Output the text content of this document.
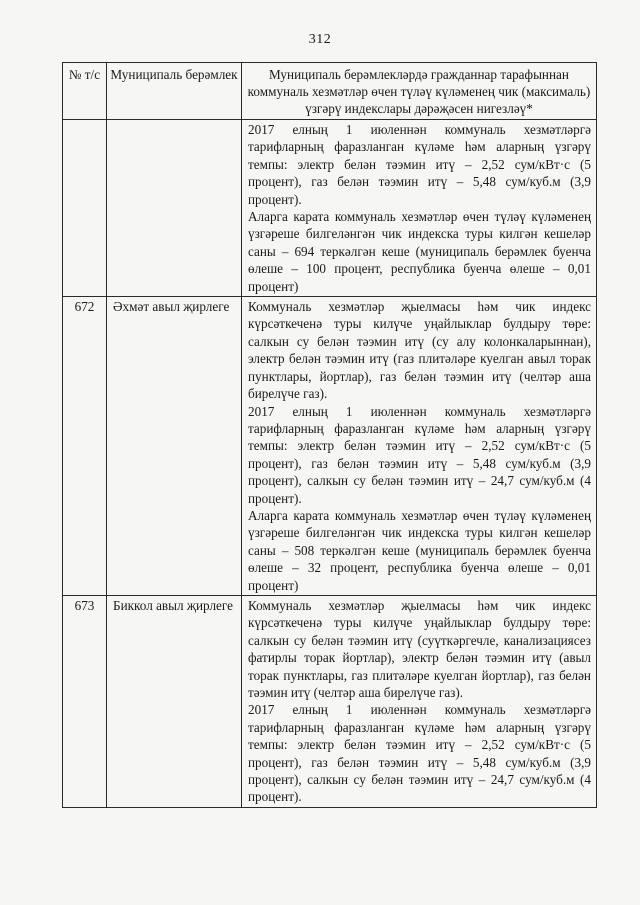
312
№ т/с	Муниципаль берәмлек	Муниципаль берәмлекләрдә гражданнар тарафыннан коммуналь хезмәтләр өчен түләү күләменең чик (максималь) үзгәрү индекслары дәрәҗәсен нигезләү*

		2017 елның 1 июленнән коммуналь хезмәтләргә тарифларның фаразланган күләме һәм аларның үзгәрү темпы: электр белән тәэмин итү – 2,52 сум/кВт·с (5 процент), газ белән тәэмин итү – 5,48 сум/куб.м (3,9 процент).

Аларга карата коммуналь хезмәтләр өчен түләү күләменең үзгәреше билгеләнгән чик индекска туры килгән кешеләр саны – 694 теркәлгән кеше (муниципаль берәмлек буенча өлеше – 100 процент, республика буенча өлеше – 0,01 процент)

672	Әхмәт авыл җирлеге	Коммуналь хезмәтләр җыелмасы һәм чик индекс күрсәткеченә туры килүче уңайлыклар булдыру төре: салкын су белән тәэмин итү (су алу колонкаларыннан), электр белән тәэмин итү (газ плитәләре куелган авыл торак пунктлары, йортлар), газ белән тәэмин итү (челтәр аша бирелүче газ).

2017 елның 1 июленнән коммуналь хезмәтләргә тарифларның фаразланган күләме һәм аларның үзгәрү темпы: электр белән тәэмин итү – 2,52 сум/кВт·с (5 процент), газ белән тәэмин итү – 5,48 сум/куб.м (3,9 процент), салкын су белән тәэмин итү – 24,7 сум/куб.м (4 процент).

Аларга карата коммуналь хезмәтләр өчен түләү күләменең үзгәреше билгеләнгән чик индекска туры килгән кешеләр саны – 508 теркәлгән кеше (муниципаль берәмлек буенча өлеше – 32 процент, республика буенча өлеше – 0,01 процент)

673	Биккол авыл җирлеге	Коммуналь хезмәтләр җыелмасы һәм чик индекс күрсәткеченә туры килүче уңайлыклар булдыру төре: салкын су белән тәэмин итү (суүткәргечле, канализациясез фатирлы торак йортлар), электр белән тәэмин итү (авыл торак пунктлары, газ плитәләре куелган йортлар), газ белән тәэмин итү (челтәр аша бирелүче газ).

2017 елның 1 июленнән коммуналь хезмәтләргә тарифларның фаразланган күләме һәм аларның үзгәрү темпы: электр белән тәэмин итү – 2,52 сум/кВт·с (5 процент), газ белән тәэмин итү – 5,48 сум/куб.м (3,9 процент), салкын су белән тәэмин итү – 24,7 сум/куб.м (4 процент).
